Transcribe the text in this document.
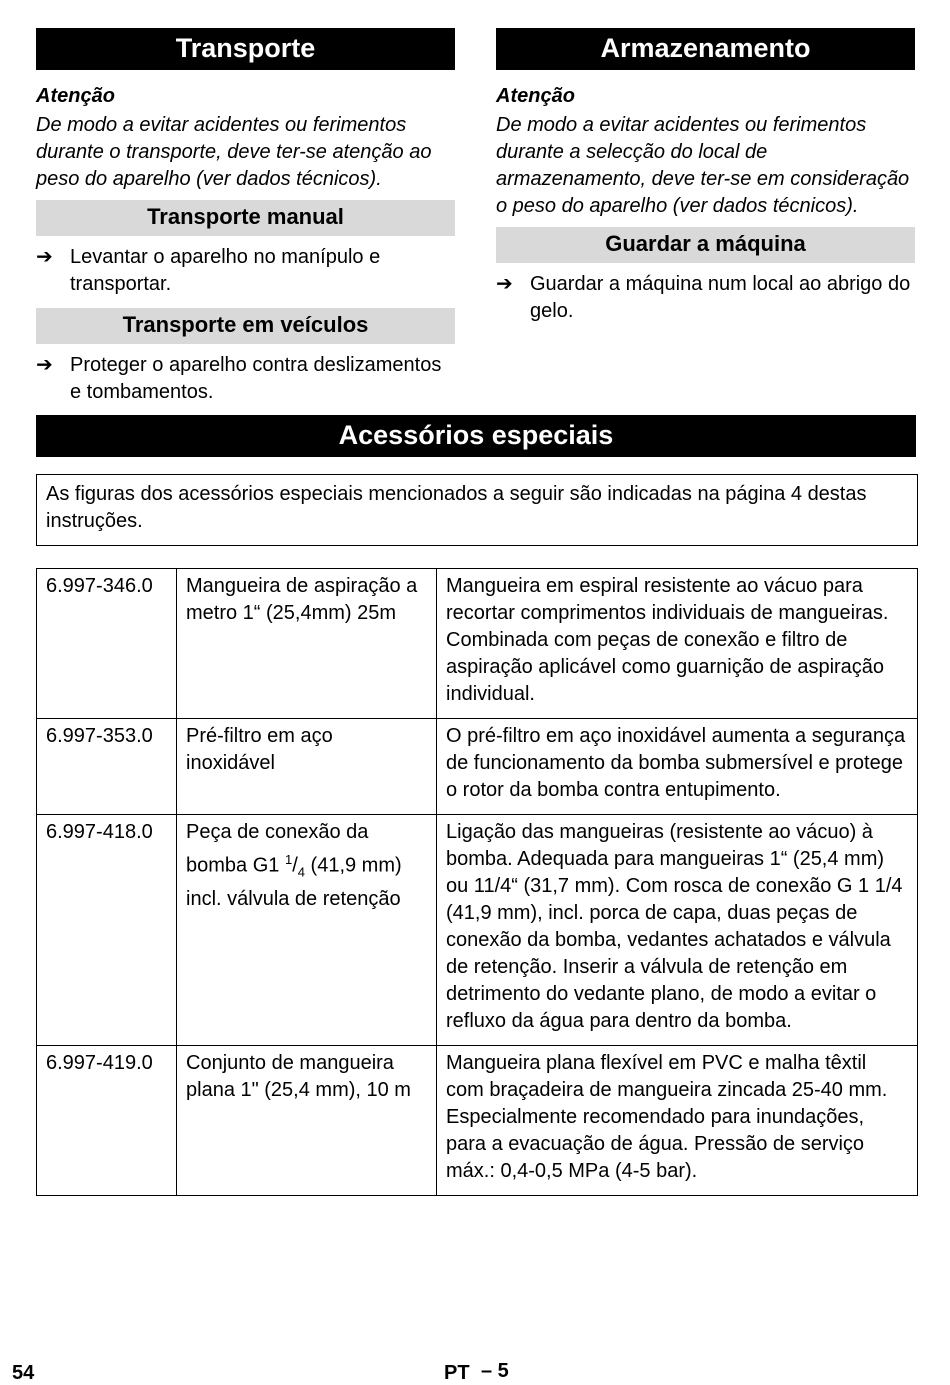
Transporte
Atenção
De modo a evitar acidentes ou ferimentos durante o transporte, deve ter-se atenção ao peso do aparelho (ver dados técnicos).
Transporte manual
➔ Levantar o aparelho no manípulo e transportar.
Transporte em veículos
➔ Proteger o aparelho contra deslizamentos e tombamentos.
Armazenamento
Atenção
De modo a evitar acidentes ou ferimentos durante a selecção do local de armazenamento, deve ter-se em consideração o peso do aparelho (ver dados técnicos).
Guardar a máquina
➔ Guardar a máquina num local ao abrigo do gelo.
Acessórios especiais
As figuras dos acessórios especiais mencionados a seguir são indicadas na página 4 destas instruções.
6.997-346.0	Mangueira de aspiração a metro 1“ (25,4mm) 25m	Mangueira em espiral resistente ao vácuo para recortar comprimentos individuais de mangueiras. Combinada com peças de conexão e filtro de aspiração aplicável como guarnição de aspiração individual.
6.997-353.0	Pré-filtro em aço inoxidável	O pré-filtro em aço inoxidável aumenta a segurança de funcionamento da bomba submersível e protege o rotor da bomba contra entupimento.
6.997-418.0	Peça de conexão da bomba G1 $^1/_4$ (41,9 mm) incl. válvula de retenção	Ligação das mangueiras (resistente ao vácuo) à bomba. Adequada para mangueiras 1“ (25,4 mm) ou 11/4“ (31,7 mm). Com rosca de conexão G 1 1/4 (41,9 mm), incl. porca de capa, duas peças de conexão da bomba, vedantes achatados e válvula de retenção. Inserir a válvula de retenção em detrimento do vedante plano, de modo a evitar o refluxo da água para dentro da bomba.
6.997-419.0	Conjunto de mangueira plana 1" (25,4 mm), 10 m	Mangueira plana flexível em PVC e malha têxtil com braçadeira de mangueira zincada 25-40 mm. Especialmente recomendado para inundações, para a evacuação de água. Pressão de serviço máx.: 0,4-0,5 MPa (4-5 bar).
54	PT – 5
